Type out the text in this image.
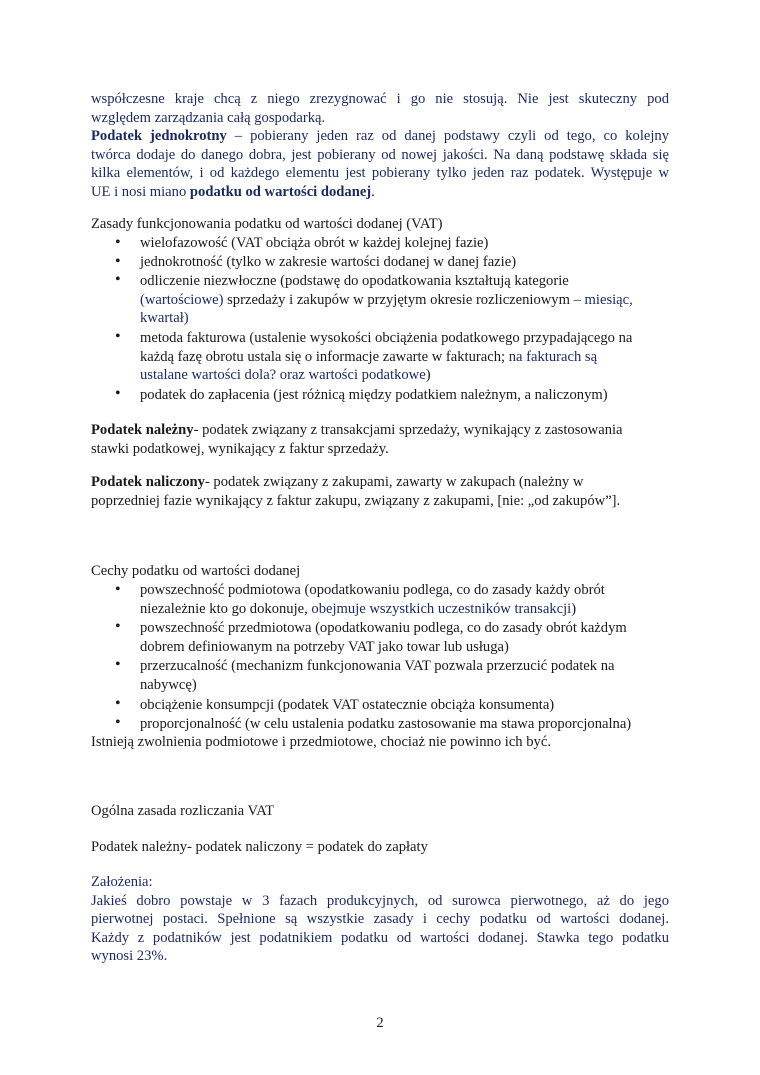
współczesne kraje chcą z niego zrezygnować i go nie stosują. Nie jest skuteczny pod
względem zarządzania całą gospodarką.
Podatek jednokrotny – pobierany jeden raz od danej podstawy czyli od tego, co kolejny
twórca dodaje do danego dobra, jest pobierany od nowej jakości. Na daną podstawę składa się
kilka elementów, i od każdego elementu jest pobierany tylko jeden raz podatek. Występuje w
UE i nosi miano podatku od wartości dodanej.
Zasady funkcjonowania podatku od wartości dodanej (VAT)
• wielofazowość (VAT obciąża obrót w każdej kolejnej fazie)
• jednokrotność (tylko w zakresie wartości dodanej w danej fazie)
• odliczenie niezwłoczne (podstawę do opodatkowania kształtują kategorie
(wartościowe) sprzedaży i zakupów w przyjętym okresie rozliczeniowym – miesiąc,
kwartał)
• metoda fakturowa (ustalenie wysokości obciążenia podatkowego przypadającego na
każdą fazę obrotu ustala się o informacje zawarte w fakturach; na fakturach są
ustalane wartości dola? oraz wartości podatkowe)
• podatek do zapłacenia (jest różnicą między podatkiem należnym, a naliczonym)
Podatek należny- podatek związany z transakcjami sprzedaży, wynikający z zastosowania
stawki podatkowej, wynikający z faktur sprzedaży.
Podatek naliczony- podatek związany z zakupami, zawarty w zakupach (należny w
poprzedniej fazie wynikający z faktur zakupu, związany z zakupami, [nie: „od zakupów”].
Cechy podatku od wartości dodanej
• powszechność podmiotowa (opodatkowaniu podlega, co do zasady każdy obrót
niezależnie kto go dokonuje, obejmuje wszystkich uczestników transakcji)
• powszechność przedmiotowa (opodatkowaniu podlega, co do zasady obrót każdym
dobrem definiowanym na potrzeby VAT jako towar lub usługa)
• przerzucalność (mechanizm funkcjonowania VAT pozwala przerzucić podatek na
nabywcę)
• obciążenie konsumpcji (podatek VAT ostatecznie obciąża konsumenta)
• proporcjonalność (w celu ustalenia podatku zastosowanie ma stawa proporcjonalna)
Istnieją zwolnienia podmiotowe i przedmiotowe, chociaż nie powinno ich być.
Ogólna zasada rozliczania VAT
Podatek należny- podatek naliczony = podatek do zapłaty
Założenia:
Jakieś dobro powstaje w 3 fazach produkcyjnych, od surowca pierwotnego, aż do jego
pierwotnej postaci. Spełnione są wszystkie zasady i cechy podatku od wartości dodanej.
Każdy z podatników jest podatnikiem podatku od wartości dodanej. Stawka tego podatku
wynosi 23%.
2
